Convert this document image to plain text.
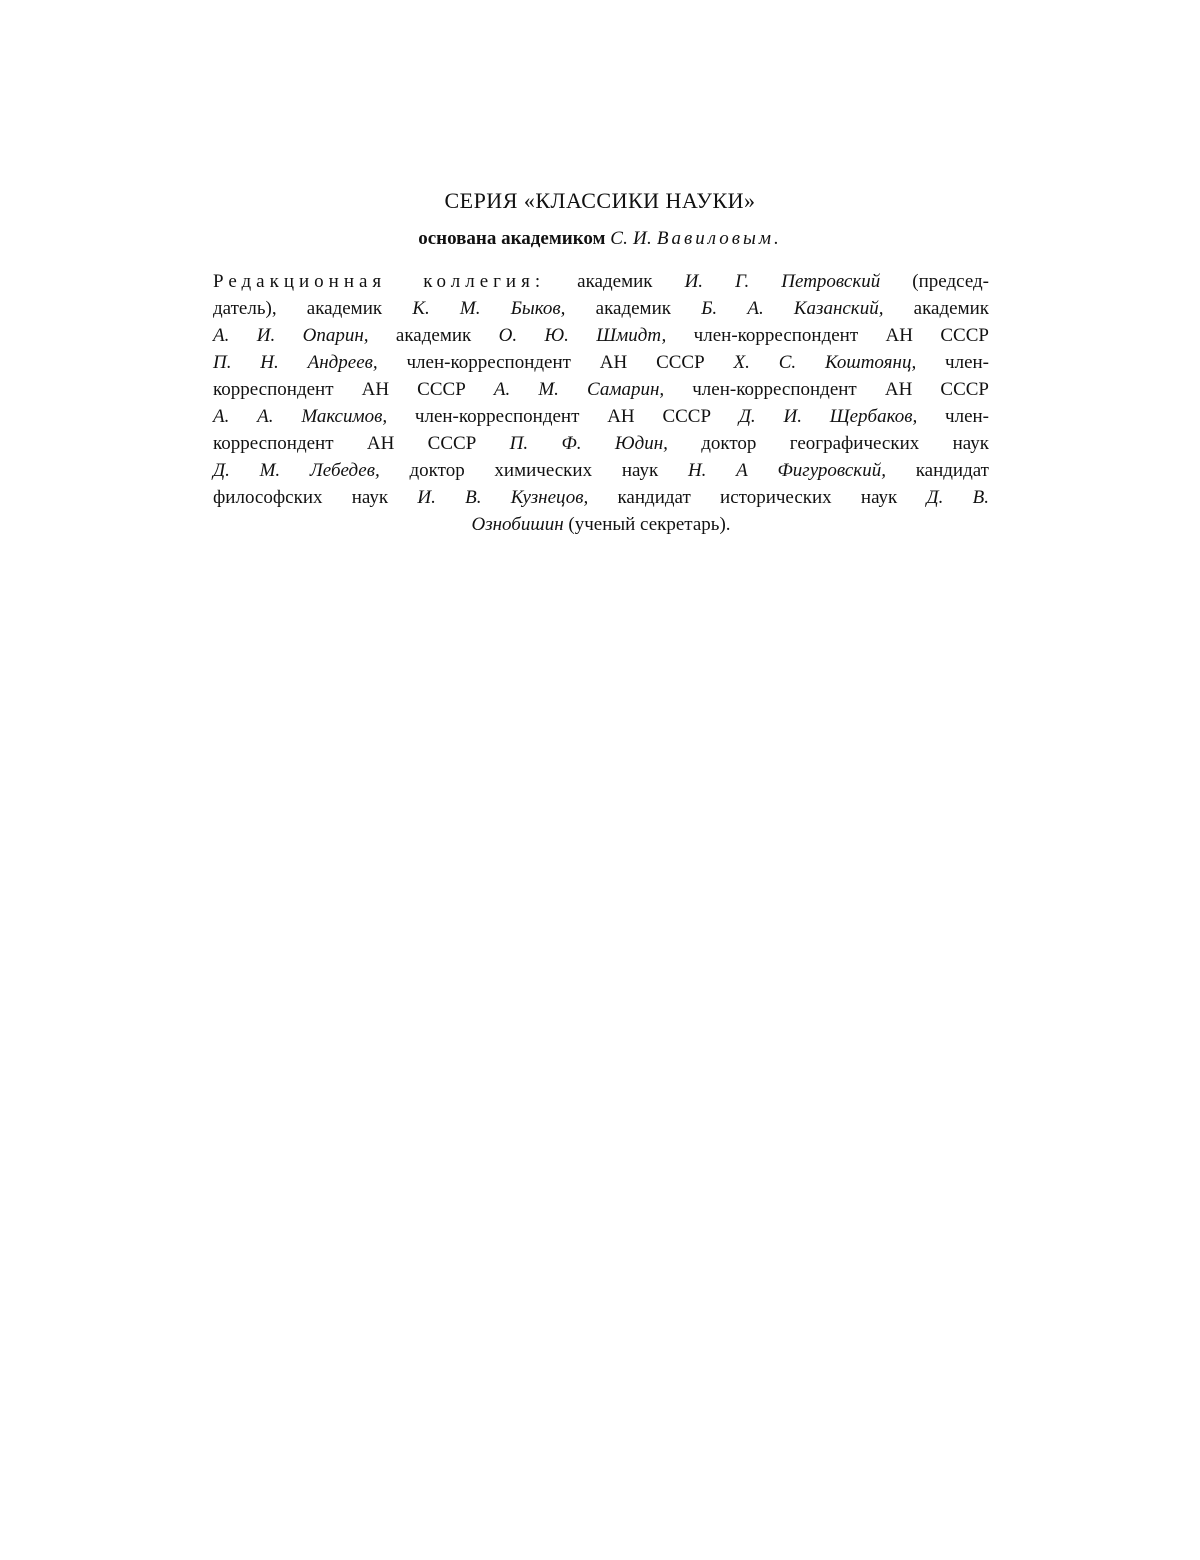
СЕРИЯ «КЛАССИКИ НАУКИ»
основана академиком С. И. Вавиловым.
Редакционная коллегия: академик И. Г. Петровский (председ-
датель), академик К. М. Быков, академик Б. А. Казанский, академик
А. И. Опарин, академик О. Ю. Шмидт, член-корреспондент АН СССР
П. Н. Андреев, член-корреспондент АН СССР Х. С. Коштоянц, член-
корреспондент АН СССР А. М. Самарин, член-корреспондент АН СССР
А. А. Максимов, член-корреспондент АН СССР Д. И. Щербаков, член-
корреспондент АН СССР П. Ф. Юдин, доктор географических наук
Д. М. Лебедев, доктор химических наук Н. А Фигуровский, кандидат
философских наук И. В. Кузнецов, кандидат исторических наук Д. В.
Ознобишин (ученый секретарь).
